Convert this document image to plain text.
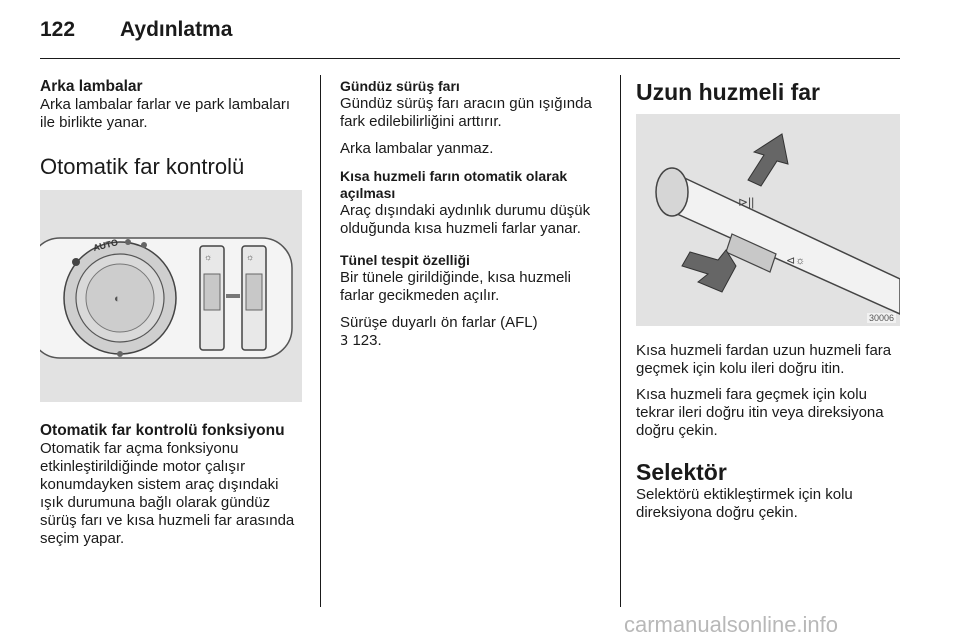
122 Aydınlatma
Arka lambalar

Arka lambalar farlar ve park lambaları ile birlikte yanar.

Otomatik far kontrolü
AUTO
◐
☼	☼
Otomatik far kontrolü fonksiyonu

Otomatik far açma fonksiyonu etkinleştirildiğinde motor çalışır konumdayken sistem araç dışındaki ışık durumuna bağlı olarak gündüz sürüş farı ve kısa huzmeli far arasında seçim yapar.

Gündüz sürüş farı

Gündüz sürüş farı aracın gün ışığında fark edilebilirliğini arttırır.

Arka lambalar yanmaz.

Kısa huzmeli farın otomatik olarak açılması

Araç dışındaki aydınlık durumu düşük olduğunda kısa huzmeli farlar yanar.

Tünel tespit özelliği

Bir tünele girildiğinde, kısa huzmeli farlar gecikmeden açılır.

Sürüşe duyarlı ön farlar (AFL)

3 123.

Uzun huzmeli far
⊳||
⊲☼
30006

Kısa huzmeli fardan uzun huzmeli fara geçmek için kolu ileri doğru itin.

Kısa huzmeli fara geçmek için kolu tekrar ileri doğru itin veya direksiyona doğru çekin.

Selektör

Selektörü ektikleştirmek için kolu direksiyona doğru çekin.

carmanualsonline.info
